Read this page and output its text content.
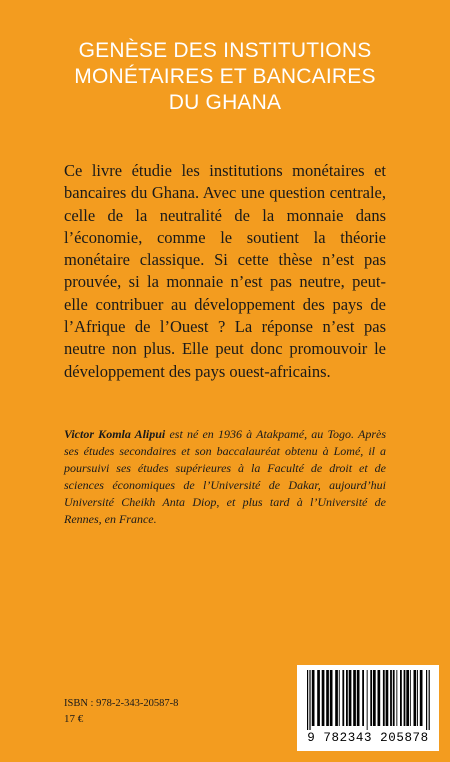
GENÈSE DES INSTITUTIONS
MONÉTAIRES ET BANCAIRES
DU GHANA
Ce livre étudie les institutions monétaires et bancaires du Ghana. Avec une question centrale, celle de la neutralité de la monnaie dans l’économie, comme le soutient la théorie monétaire classique. Si cette thèse n’est pas prouvée, si la monnaie n’est pas neutre, peut-elle contribuer au développement des pays de l’Afrique de l’Ouest ? La réponse n’est pas neutre non plus. Elle peut donc promouvoir le développement des pays ouest-africains.
Victor Komla Alipui est né en 1936 à Atakpamé, au Togo. Après ses études secondaires et son baccalauréat obtenu à Lomé, il a poursuivi ses études supérieures à la Faculté de droit et de sciences économiques de l’Université de Dakar, aujourd’hui Université Cheikh Anta Diop, et plus tard à l’Université de Rennes, en France.
ISBN : 978-2-343-20587-8
17 €
9 782343 205878
